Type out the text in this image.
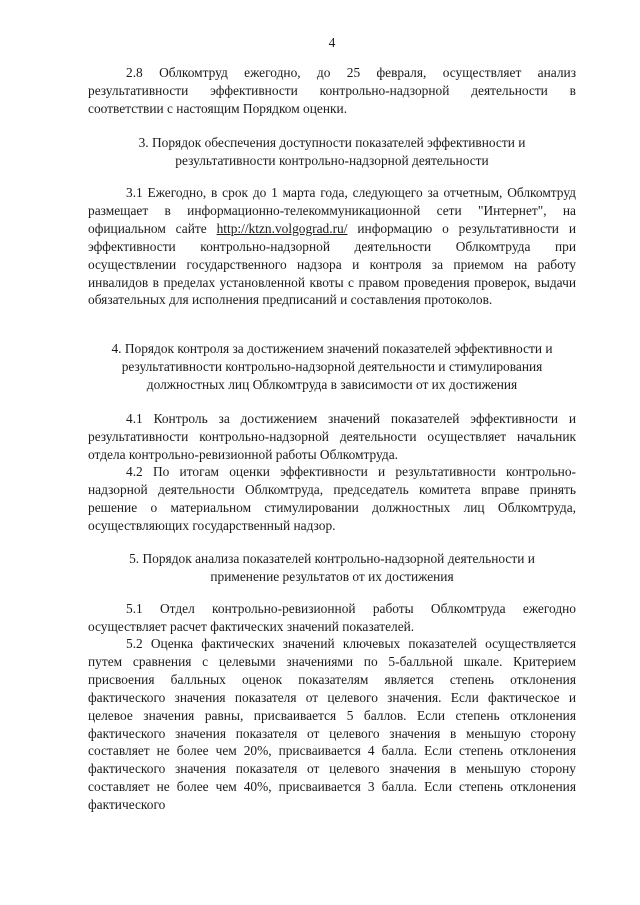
4

2.8 Облкомтруд ежегодно, до 25 февраля, осуществляет анализ результативности эффективности контрольно-надзорной деятельности в соответствии с настоящим Порядком оценки.

3. Порядок обеспечения доступности показателей эффективности и результативности контрольно-надзорной деятельности

3.1 Ежегодно, в срок до 1 марта года, следующего за отчетным, Облкомтруд размещает в информационно-телекоммуникационной сети "Интернет", на официальном сайте http://ktzn.volgograd.ru/ информацию о результативности и эффективности контрольно-надзорной деятельности Облкомтруда при осуществлении государственного надзора и контроля за приемом на работу инвалидов в пределах установленной квоты с правом проведения проверок, выдачи обязательных для исполнения предписаний и составления протоколов.

4. Порядок контроля за достижением значений показателей эффективности и результативности контрольно-надзорной деятельности и стимулирования должностных лиц Облкомтруда в зависимости от их достижения

4.1 Контроль за достижением значений показателей эффективности и результативности контрольно-надзорной деятельности осуществляет начальник отдела контрольно-ревизионной работы Облкомтруда.

4.2 По итогам оценки эффективности и результативности контрольно-надзорной деятельности Облкомтруда, председатель комитета вправе принять решение о материальном стимулировании должностных лиц Облкомтруда, осуществляющих государственный надзор.

5. Порядок анализа показателей контрольно-надзорной деятельности и применение результатов от их достижения

5.1 Отдел контрольно-ревизионной работы Облкомтруда ежегодно осуществляет расчет фактических значений показателей.

5.2 Оценка фактических значений ключевых показателей осуществляется путем сравнения с целевыми значениями по 5-балльной шкале. Критерием присвоения балльных оценок показателям является степень отклонения фактического значения показателя от целевого значения. Если фактическое и целевое значения равны, присваивается 5 баллов. Если степень отклонения фактического значения показателя от целевого значения в меньшую сторону составляет не более чем 20%, присваивается 4 балла. Если степень отклонения фактического значения показателя от целевого значения в меньшую сторону составляет не более чем 40%, присваивается 3 балла. Если степень отклонения фактического
